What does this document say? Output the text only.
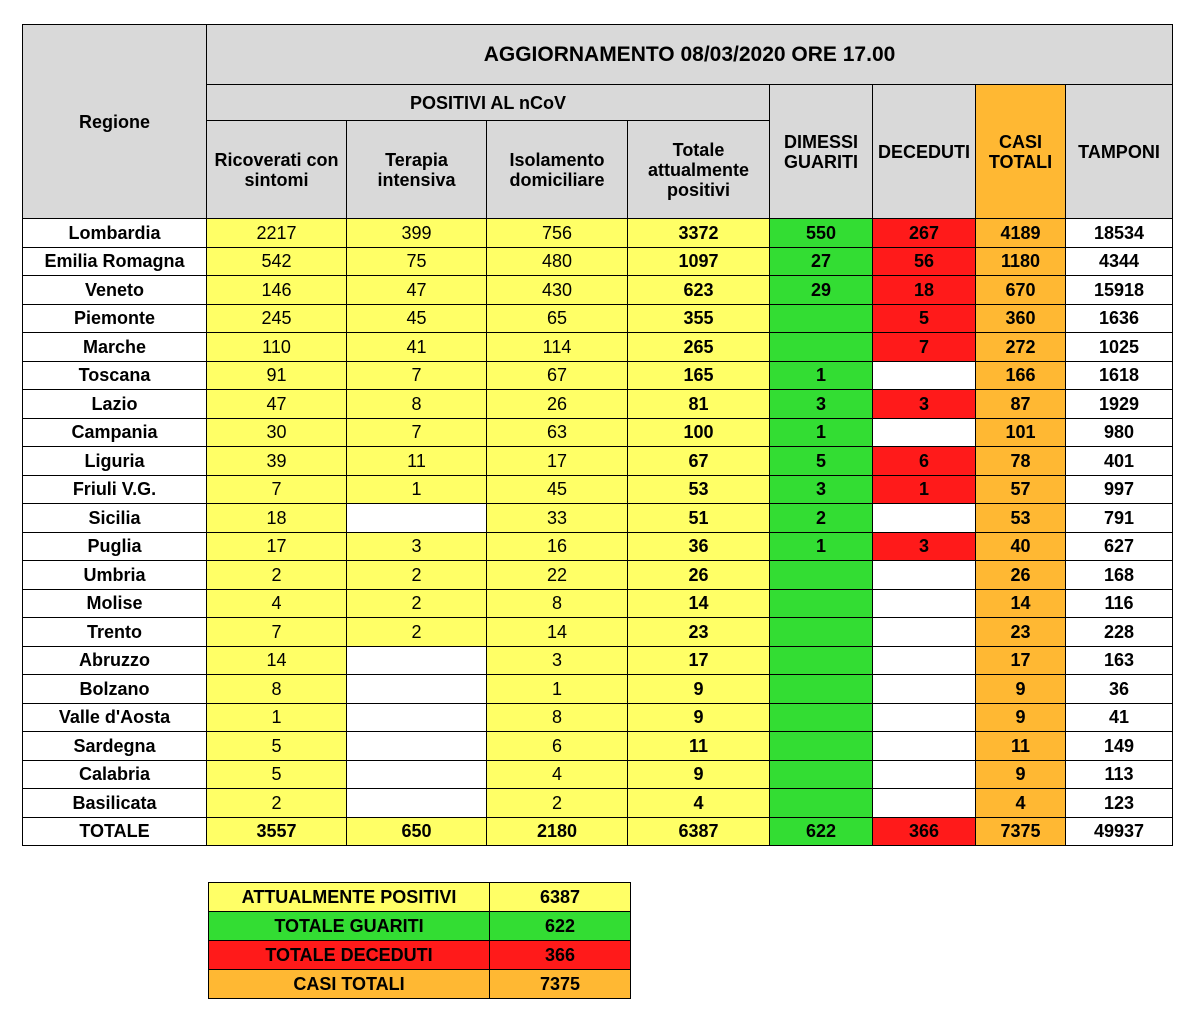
Regione	AGGIORNAMENTO 08/03/2020 ORE 17.00							
	POSITIVI AL nCoV				DIMESSI GUARITI	DECEDUTI	CASI TOTALI	TAMPONI
	Ricoverati con sintomi	Terapia intensiva	Isolamento domiciliare	Totale attualmente positivi				
Lombardia	2217	399	756	3372	550	267	4189	18534
Emilia Romagna	542	75	480	1097	27	56	1180	4344
Veneto	146	47	430	623	29	18	670	15918
Piemonte	245	45	65	355		5	360	1636
Marche	110	41	114	265		7	272	1025
Toscana	91	7	67	165	1		166	1618
Lazio	47	8	26	81	3	3	87	1929
Campania	30	7	63	100	1		101	980
Liguria	39	11	17	67	5	6	78	401
Friuli V.G.	7	1	45	53	3	1	57	997
Sicilia	18		33	51	2		53	791
Puglia	17	3	16	36	1	3	40	627
Umbria	2	2	22	26			26	168
Molise	4	2	8	14			14	116
Trento	7	2	14	23			23	228
Abruzzo	14		3	17			17	163
Bolzano	8		1	9			9	36
Valle d'Aosta	1		8	9			9	41
Sardegna	5		6	11			11	149
Calabria	5		4	9			9	113
Basilicata	2		2	4			4	123
TOTALE	3557	650	2180	6387	622	366	7375	49937
ATTUALMENTE POSITIVI	6387
TOTALE GUARITI	622
TOTALE DECEDUTI	366
CASI TOTALI	7375
